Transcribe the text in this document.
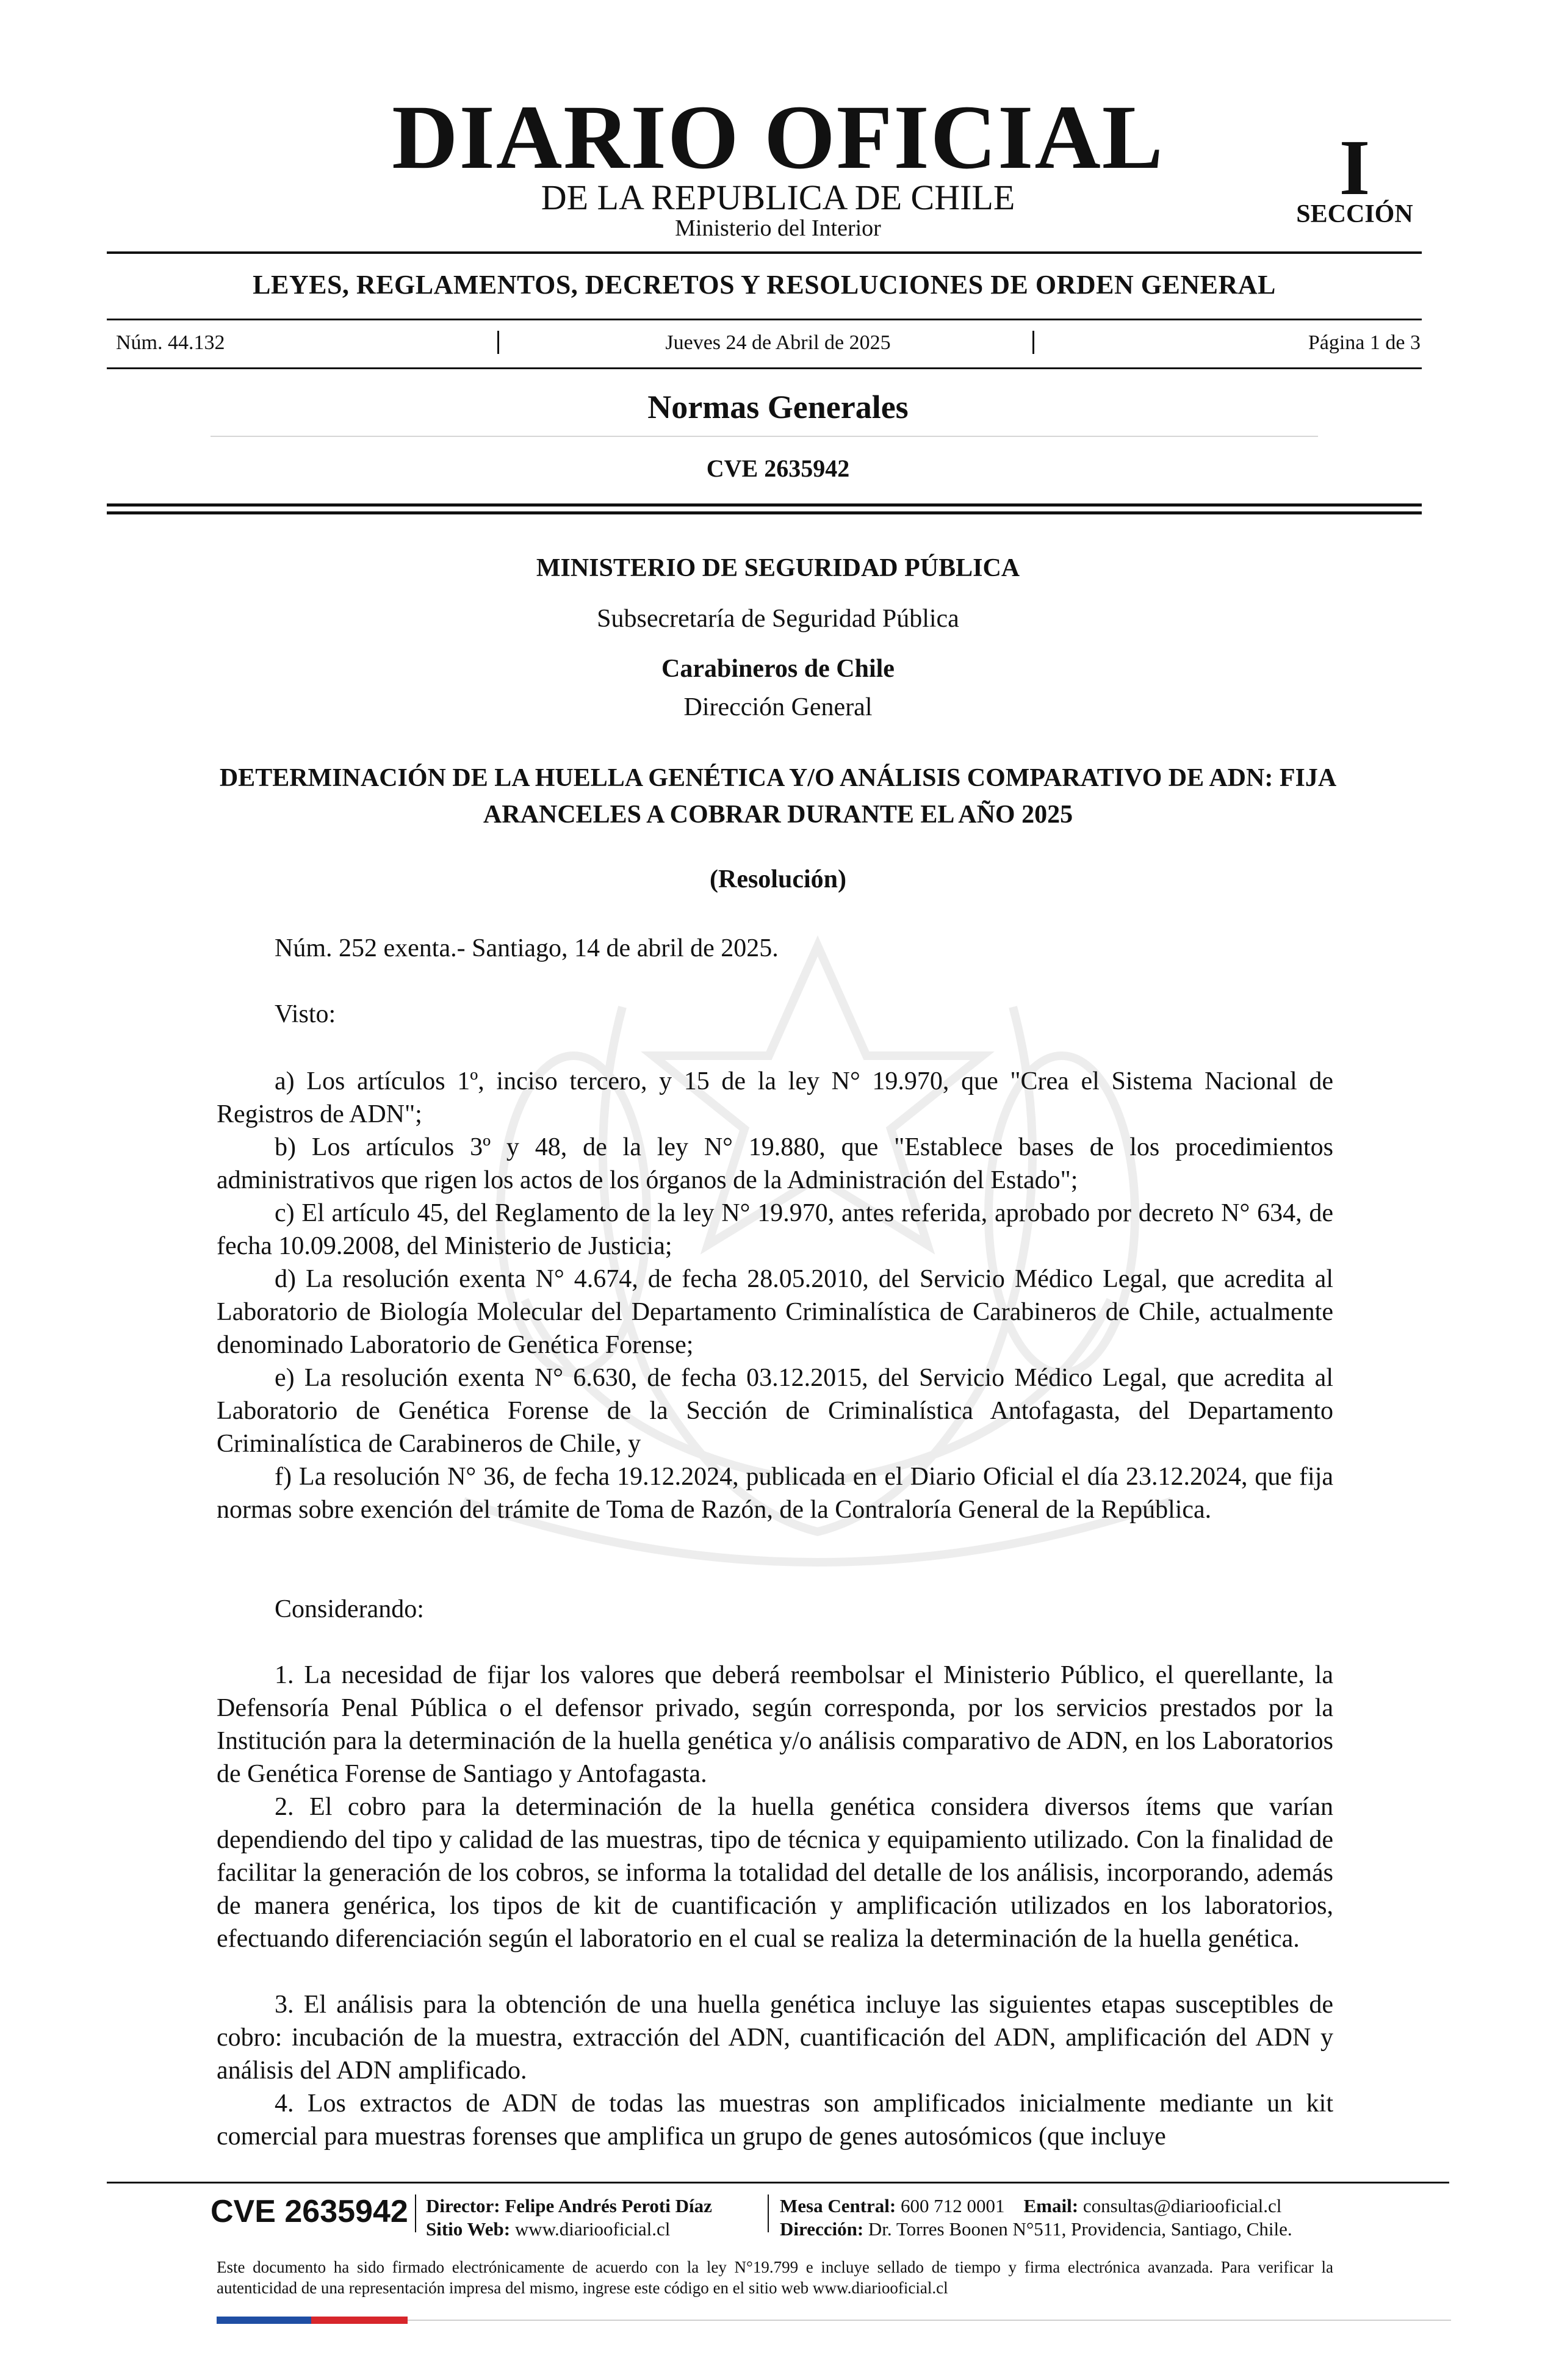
DIARIO OFICIAL
DE LA REPUBLICA DE CHILE
Ministerio del Interior
I
SECCIÓN
LEYES, REGLAMENTOS, DECRETOS Y RESOLUCIONES DE ORDEN GENERAL
Núm. 44.132	Jueves 24 de Abril de 2025	Página 1 de 3
Normas Generales
CVE 2635942
MINISTERIO DE SEGURIDAD PÚBLICA
Subsecretaría de Seguridad Pública
Carabineros de Chile
Dirección General
DETERMINACIÓN DE LA HUELLA GENÉTICA Y/O ANÁLISIS COMPARATIVO DE ADN: FIJA ARANCELES A COBRAR DURANTE EL AÑO 2025
(Resolución)

Núm. 252 exenta.- Santiago, 14 de abril de 2025.

Visto:

a) Los artículos 1º, inciso tercero, y 15 de la ley N° 19.970, que "Crea el Sistema Nacional de Registros de ADN";

b) Los artículos 3º y 48, de la ley N° 19.880, que "Establece bases de los procedimientos administrativos que rigen los actos de los órganos de la Administración del Estado";

c) El artículo 45, del Reglamento de la ley N° 19.970, antes referida, aprobado por decreto N° 634, de fecha 10.09.2008, del Ministerio de Justicia;

d) La resolución exenta N° 4.674, de fecha 28.05.2010, del Servicio Médico Legal, que acredita al Laboratorio de Biología Molecular del Departamento Criminalística de Carabineros de Chile, actualmente denominado Laboratorio de Genética Forense;

e) La resolución exenta N° 6.630, de fecha 03.12.2015, del Servicio Médico Legal, que acredita al Laboratorio de Genética Forense de la Sección de Criminalística Antofagasta, del Departamento Criminalística de Carabineros de Chile, y

f) La resolución N° 36, de fecha 19.12.2024, publicada en el Diario Oficial el día 23.12.2024, que fija normas sobre exención del trámite de Toma de Razón, de la Contraloría General de la República.

Considerando:

1. La necesidad de fijar los valores que deberá reembolsar el Ministerio Público, el querellante, la Defensoría Penal Pública o el defensor privado, según corresponda, por los servicios prestados por la Institución para la determinación de la huella genética y/o análisis comparativo de ADN, en los Laboratorios de Genética Forense de Santiago y Antofagasta.

2. El cobro para la determinación de la huella genética considera diversos ítems que varían dependiendo del tipo y calidad de las muestras, tipo de técnica y equipamiento utilizado. Con la finalidad de facilitar la generación de los cobros, se informa la totalidad del detalle de los análisis, incorporando, además de manera genérica, los tipos de kit de cuantificación y amplificación utilizados en los laboratorios, efectuando diferenciación según el laboratorio en el cual se realiza la determinación de la huella genética.

3. El análisis para la obtención de una huella genética incluye las siguientes etapas susceptibles de cobro: incubación de la muestra, extracción del ADN, cuantificación del ADN, amplificación del ADN y análisis del ADN amplificado.

4. Los extractos de ADN de todas las muestras son amplificados inicialmente mediante un kit comercial para muestras forenses que amplifica un grupo de genes autosómicos (que incluye

CVE 2635942 Director: Felipe Andrés Peroti Díaz
Sitio Web: www.diariooficial.cl
Mesa Central: 600 712 0001 Email: consultas@diariooficial.cl
Dirección: Dr. Torres Boonen N°511, Providencia, Santiago, Chile.
Este documento ha sido firmado electrónicamente de acuerdo con la ley N°19.799 e incluye sellado de tiempo y firma electrónica avanzada. Para verificar la autenticidad de una representación impresa del mismo, ingrese este código en el sitio web www.diariooficial.cl
